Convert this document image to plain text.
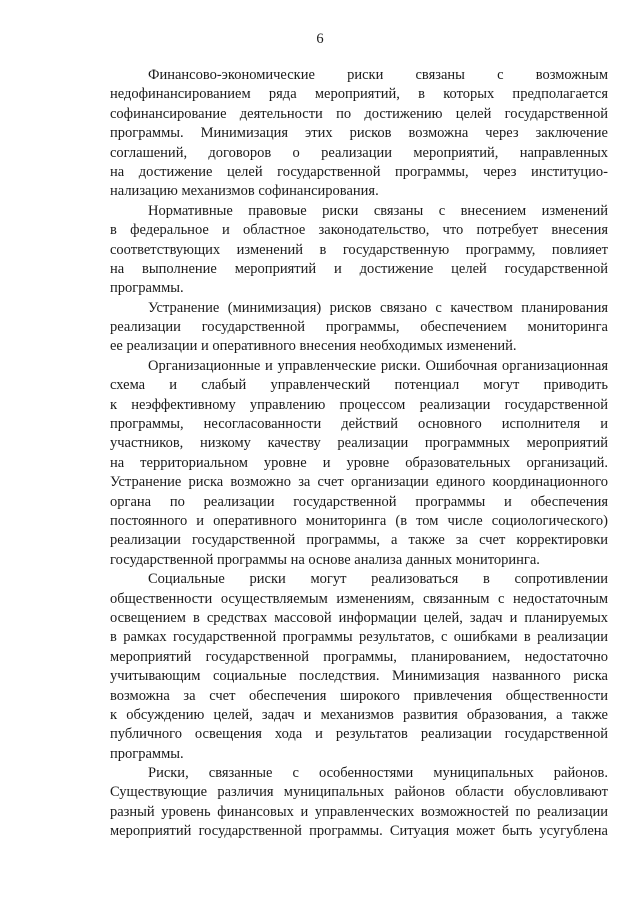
6
Финансово-экономические риски связаны с возможным
недофинансированием ряда мероприятий, в которых предполагается
софинансирование деятельности по достижению целей государственной
программы. Минимизация этих рисков возможна через заключение
соглашений, договоров о реализации мероприятий, направленных
на достижение целей государственной программы, через институцио-
нализацию механизмов софинансирования.
Нормативные правовые риски связаны с внесением изменений
в федеральное и областное законодательство, что потребует внесения
соответствующих изменений в государственную программу, повлияет
на выполнение мероприятий и достижение целей государственной
программы.
Устранение (минимизация) рисков связано с качеством планирования
реализации государственной программы, обеспечением мониторинга
ее реализации и оперативного внесения необходимых изменений.
Организационные и управленческие риски. Ошибочная организационная
схема и слабый управленческий потенциал могут приводить
к неэффективному управлению процессом реализации государственной
программы, несогласованности действий основного исполнителя и
участников, низкому качеству реализации программных мероприятий
на территориальном уровне и уровне образовательных организаций.
Устранение риска возможно за счет организации единого координационного
органа по реализации государственной программы и обеспечения
постоянного и оперативного мониторинга (в том числе социологического)
реализации государственной программы, а также за счет корректировки
государственной программы на основе анализа данных мониторинга.
Социальные риски могут реализоваться в сопротивлении
общественности осуществляемым изменениям, связанным с недостаточным
освещением в средствах массовой информации целей, задач и планируемых
в рамках государственной программы результатов, с ошибками в реализации
мероприятий государственной программы, планированием, недостаточно
учитывающим социальные последствия. Минимизация названного риска
возможна за счет обеспечения широкого привлечения общественности
к обсуждению целей, задач и механизмов развития образования, а также
публичного освещения хода и результатов реализации государственной
программы.
Риски, связанные с особенностями муниципальных районов.
Существующие различия муниципальных районов области обусловливают
разный уровень финансовых и управленческих возможностей по реализации
мероприятий государственной программы. Ситуация может быть усугублена
